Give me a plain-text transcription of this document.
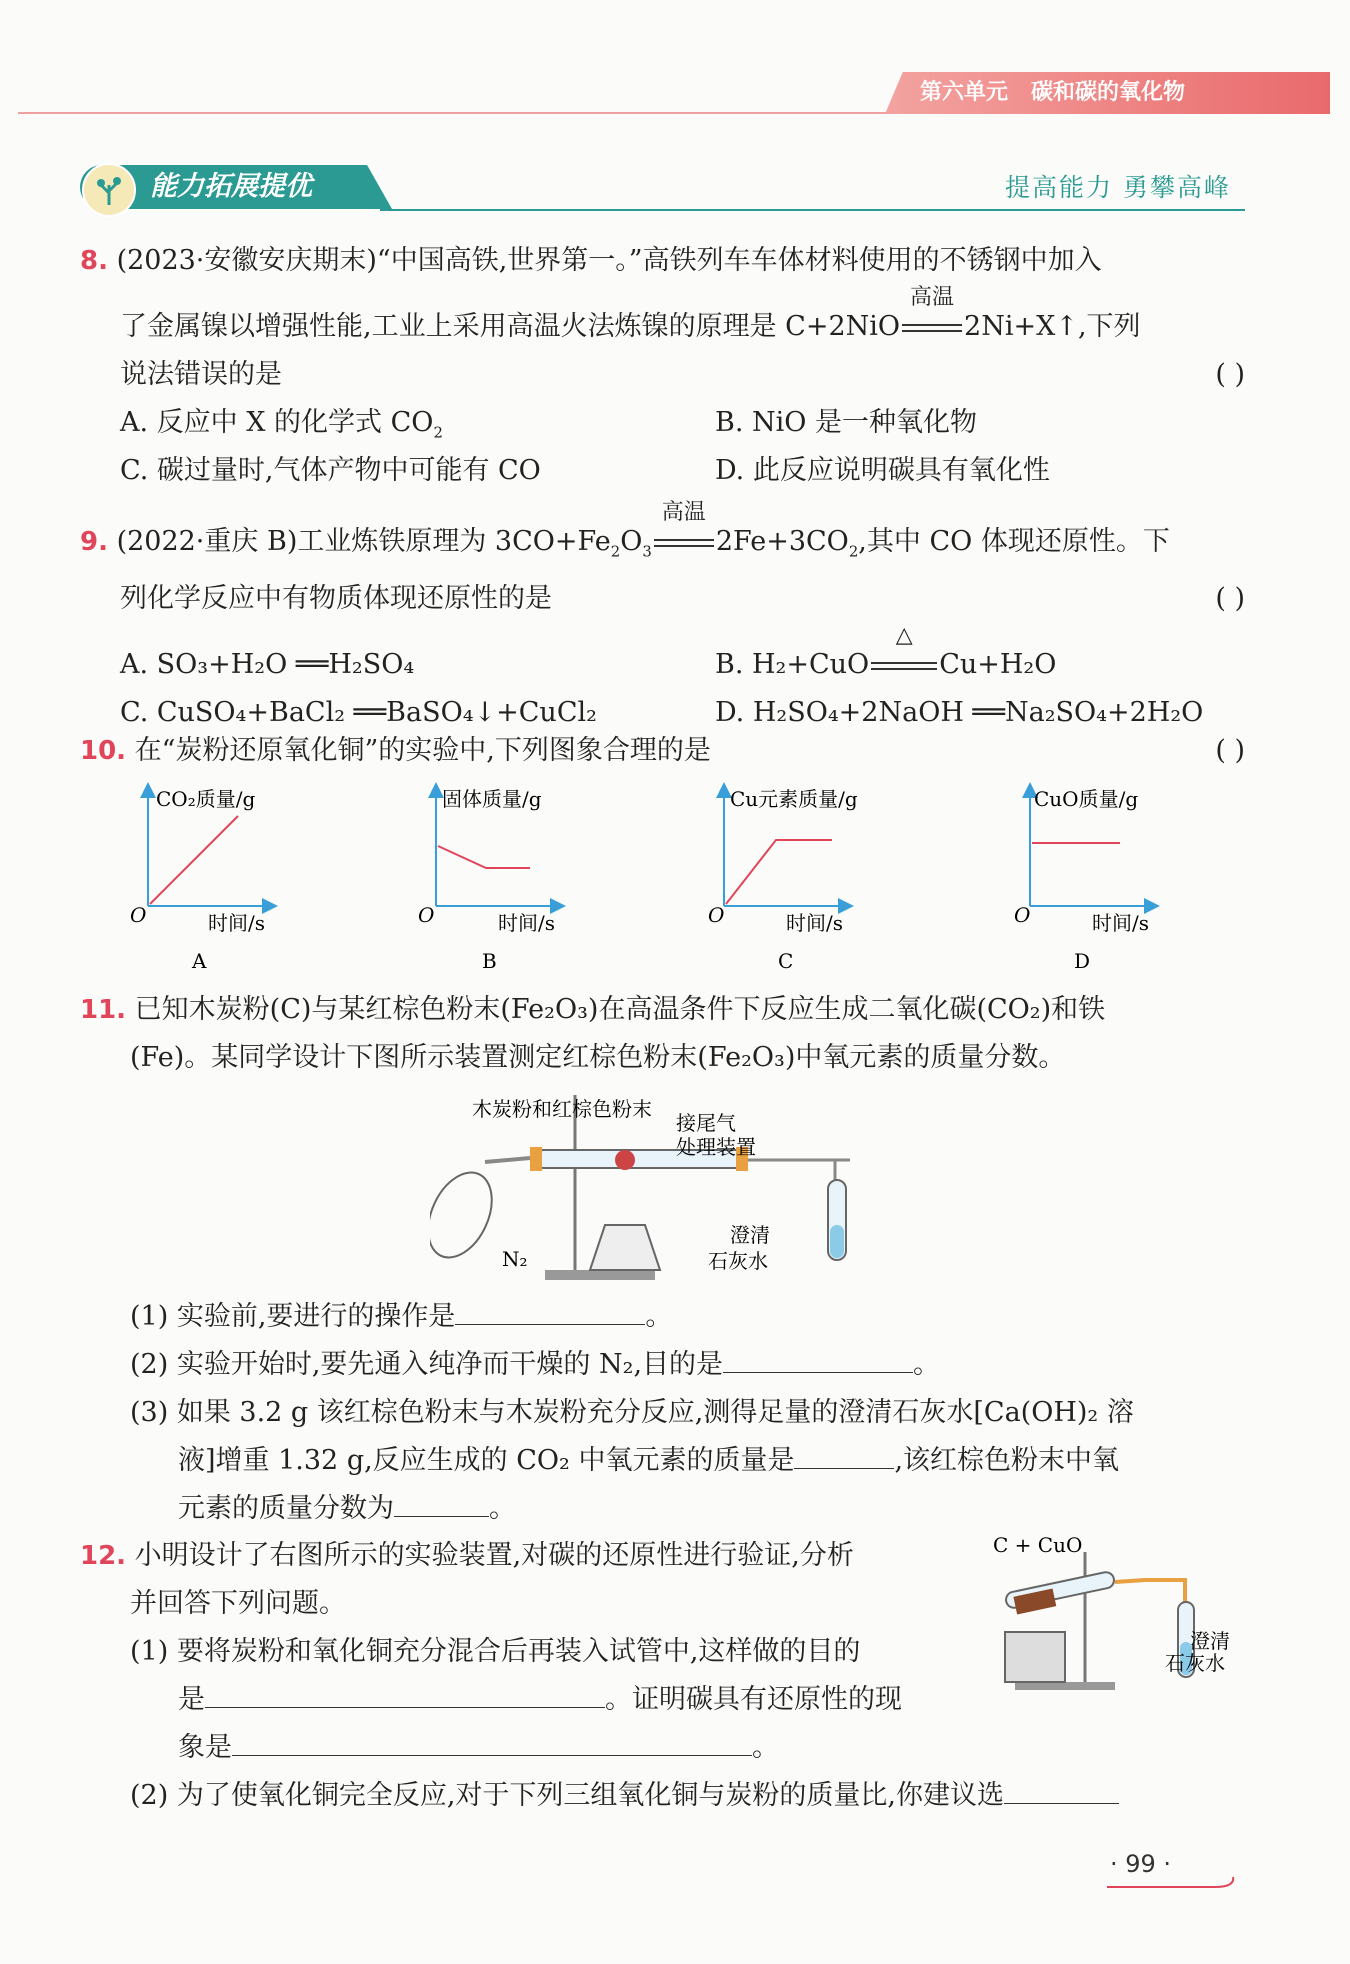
第六单元 碳和碳的氧化物
能力拓展提优	提高能力 勇攀高峰
8. (2023·安徽安庆期末)“中国高铁,世界第一。”高铁列车车体材料使用的不锈钢中加入
了金属镍以增强性能,工业上采用高温火法炼镍的原理是 C+2NiO
高温
2Ni+X↑,下列
说法错误的是	( )
A. 反应中 X 的化学式 $CO_2$	B. NiO 是一种氧化物
C. 碳过量时,气体产物中可能有 CO	D. 此反应说明碳具有氧化性
9. (2022·重庆 B)工业炼铁原理为 $3CO+Fe_2O_3$
高温
$2Fe+3CO_2$,其中 CO 体现还原性。下
列化学反应中有物质体现还原性的是	( )
A. SO₃+H₂O ══H₂SO₄	B. H₂+CuO
△
Cu+H₂O
C. CuSO₄+BaCl₂ ══BaSO₄↓+CuCl₂	D. H₂SO₄+2NaOH ══Na₂SO₄+2H₂O
10. 在“炭粉还原氧化铜”的实验中,下列图象合理的是	( )
CO₂质量/g
O	时间/s
A
固体质量/g
O	时间/s
B
Cu元素质量/g
O	时间/s
C
CuO质量/g
O	时间/s
D
11. 已知木炭粉(C)与某红棕色粉末(Fe₂O₃)在高温条件下反应生成二氧化碳(CO₂)和铁
(Fe)。某同学设计下图所示装置测定红棕色粉末(Fe₂O₃)中氧元素的质量分数。
木炭粉和红棕色粉末
接尾气
处理装置
澄清
石灰水
N₂
(1) 实验前,要进行的操作是	。
(2) 实验开始时,要先通入纯净而干燥的 N₂,目的是	。
(3) 如果 3.2 g 该红棕色粉末与木炭粉充分反应,测得足量的澄清石灰水[Ca(OH)₂ 溶
液]增重 1.32 g,反应生成的 CO₂ 中氧元素的质量是	,该红棕色粉末中氧
元素的质量分数为	。
12. 小明设计了右图所示的实验装置,对碳的还原性进行验证,分析
并回答下列问题。
(1) 要将炭粉和氧化铜充分混合后再装入试管中,这样做的目的
是	。证明碳具有还原性的现
象是	。
(2) 为了使氧化铜完全反应,对于下列三组氧化铜与炭粉的质量比,你建议选
C + CuO
澄清
石灰水
· 99 ·
